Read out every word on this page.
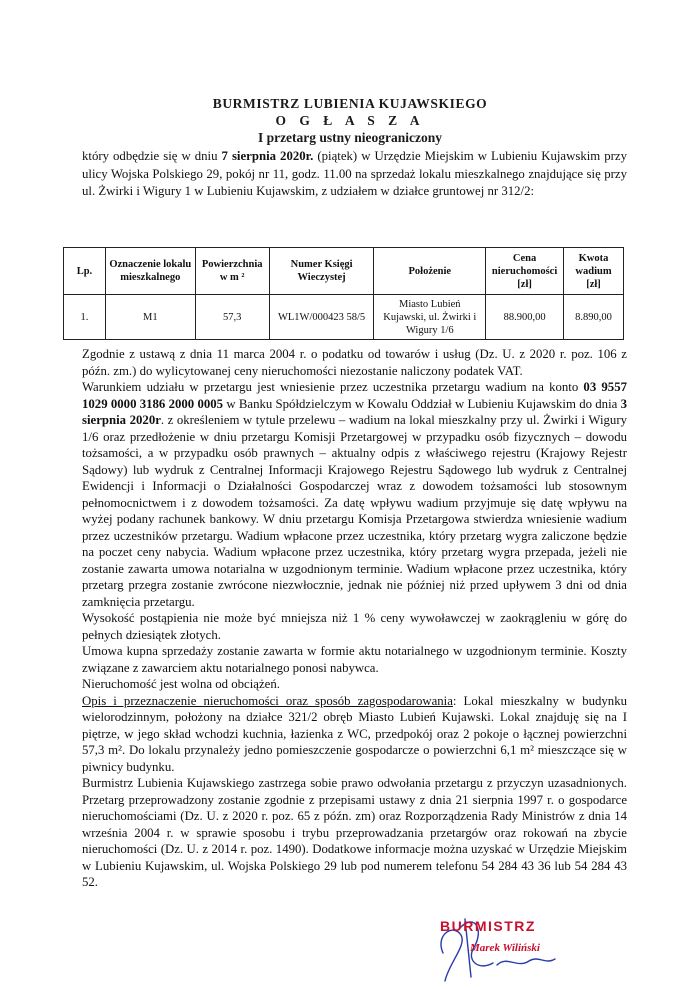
BURMISTRZ LUBIENIA KUJAWSKIEGO
O G Ł A S Z A
I przetarg ustny nieograniczony
który odbędzie się w dniu 7 sierpnia 2020r. (piątek) w Urzędzie Miejskim w Lubieniu Kujawskim przy ulicy Wojska Polskiego 29, pokój nr 11, godz. 11.00 na sprzedaż lokalu mieszkalnego znajdujące się przy ul. Żwirki i Wigury 1 w Lubieniu Kujawskim, z udziałem w działce gruntowej nr 312/2:
Lp.	Oznaczenie lokalu mieszkalnego	Powierzchnia w m ²	Numer Księgi Wieczystej	Położenie	Cena nieruchomości [zł]	Kwota wadium [zł]
1.	M1	57,3	WL1W/000423 58/5	Miasto Lubień Kujawski, ul. Żwirki i Wigury 1/6	88.900,00	8.890,00

Zgodnie z ustawą z dnia 11 marca 2004 r. o podatku od towarów i usług (Dz. U. z 2020 r. poz. 106 z późn. zm.) do wylicytowanej ceny nieruchomości niezostanie naliczony podatek VAT.

Warunkiem udziału w przetargu jest wniesienie przez uczestnika przetargu wadium na konto 03 9557 1029 0000 3186 2000 0005 w Banku Spółdzielczym w Kowalu Oddział w Lubieniu Kujawskim do dnia 3 sierpnia 2020r. z określeniem w tytule przelewu – wadium na lokal mieszkalny przy ul. Żwirki i Wigury 1/6 oraz przedłożenie w dniu przetargu Komisji Przetargowej w przypadku osób fizycznych – dowodu tożsamości, a w przypadku osób prawnych – aktualny odpis z właściwego rejestru (Krajowy Rejestr Sądowy) lub wydruk z Centralnej Informacji Krajowego Rejestru Sądowego lub wydruk z Centralnej Ewidencji i Informacji o Działalności Gospodarczej wraz z dowodem tożsamości lub stosownym pełnomocnictwem i z dowodem tożsamości. Za datę wpływu wadium przyjmuje się datę wpływu na wyżej podany rachunek bankowy. W dniu przetargu Komisja Przetargowa stwierdza wniesienie wadium przez uczestników przetargu. Wadium wpłacone przez uczestnika, który przetarg wygra zaliczone będzie na poczet ceny nabycia. Wadium wpłacone przez uczestnika, który przetarg wygra przepada, jeżeli nie zostanie zawarta umowa notarialna w uzgodnionym terminie. Wadium wpłacone przez uczestnika, który przetarg przegra zostanie zwrócone niezwłocznie, jednak nie później niż przed upływem 3 dni od dnia zamknięcia przetargu.

Wysokość postąpienia nie może być mniejsza niż 1 % ceny wywoławczej w zaokrągleniu w górę do pełnych dziesiątek złotych.

Umowa kupna sprzedaży zostanie zawarta w formie aktu notarialnego w uzgodnionym terminie. Koszty związane z zawarciem aktu notarialnego ponosi nabywca.

Nieruchomość jest wolna od obciążeń.

Opis i przeznaczenie nieruchomości oraz sposób zagospodarowania: Lokal mieszkalny w budynku wielorodzinnym, położony na działce 321/2 obręb Miasto Lubień Kujawski. Lokal znajduję się na I piętrze, w jego skład wchodzi kuchnia, łazienka z WC, przedpokój oraz 2 pokoje o łącznej powierzchni 57,3 m². Do lokalu przynależy jedno pomieszczenie gospodarcze o powierzchni 6,1 m² mieszczące się w piwnicy budynku.

Burmistrz Lubienia Kujawskiego zastrzega sobie prawo odwołania przetargu z przyczyn uzasadnionych. Przetarg przeprowadzony zostanie zgodnie z przepisami ustawy z dnia 21 sierpnia 1997 r. o gospodarce nieruchomościami (Dz. U. z 2020 r. poz. 65 z późn. zm) oraz Rozporządzenia Rady Ministrów z dnia 14 września 2004 r. w sprawie sposobu i trybu przeprowadzania przetargów oraz rokowań na zbycie nieruchomości (Dz. U. z 2014 r. poz. 1490). Dodatkowe informacje można uzyskać w Urzędzie Miejskim w Lubieniu Kujawskim, ul. Wojska Polskiego 29 lub pod numerem telefonu 54 284 43 36 lub 54 284 43 52.

BURMISTRZ
Marek Wiliński
